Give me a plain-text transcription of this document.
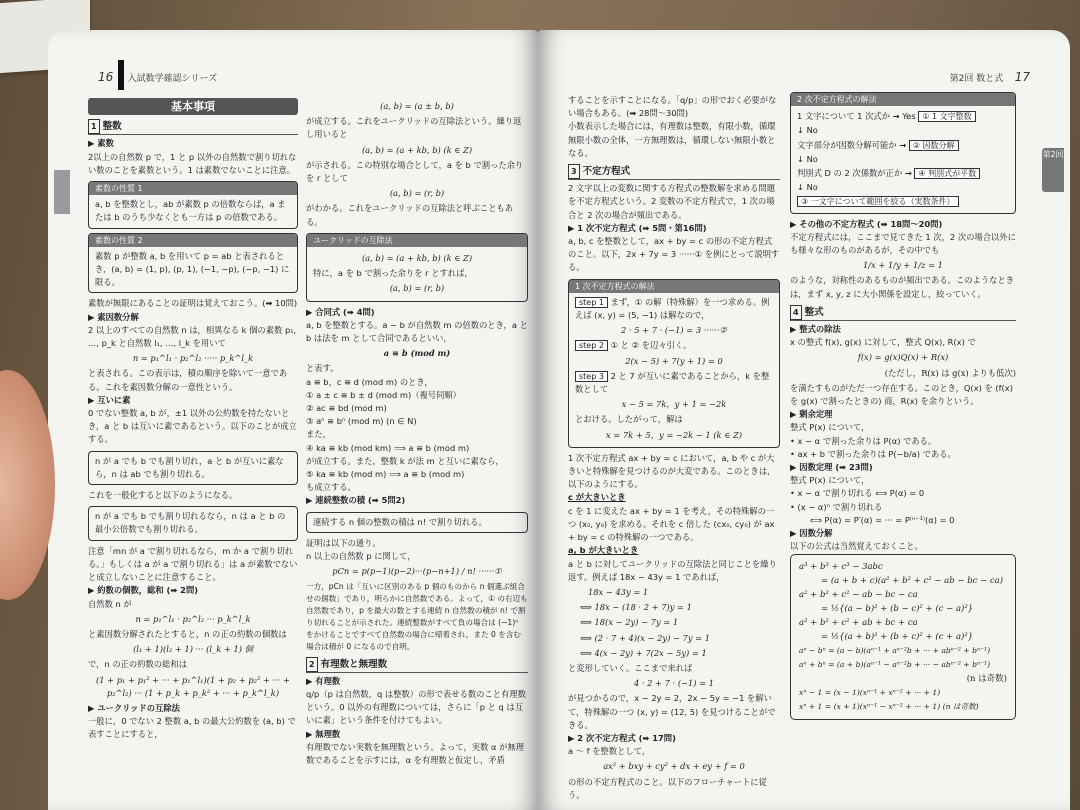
16 入試数学確認シリーズ
基本事項
1 整数

▶ 素数

2以上の自然数 p で，1 と p 以外の自然数で割り切れない数のことを素数という。1 は素数でないことに注意。

素数の性質 1
a, b を整数とし，ab が素数 p の倍数ならば，a または b のうち少なくとも一方は p の倍数である。
素数の性質 2
素数 p が整数 a, b を用いて p = ab と表されるとき，(a, b) = (1, p), (p, 1), (−1, −p), (−p, −1) に限る。

素数が無限にあることの証明は覚えておこう。(➡ 10問)

▶ 素因数分解

2 以上のすべての自然数 n は，相異なる k 個の素数 p₁, …, p_k と自然数 l₁, …, l_k を用いて

n = p₁^l₁ · p₂^l₂ ····· p_k^l_k

と表される。この表示は，積の順序を除いて一意である。これを素因数分解の一意性という。

▶ 互いに素

0 でない整数 a, b が，±1 以外の公約数を持たないとき，a と b は互いに素であるという。以下のことが成立する。

n が a でも b でも割り切れ，a と b が互いに素なら，n は ab でも割り切れる。

これを一般化すると以下のようになる。

n が a でも b でも割り切れるなら，n は a と b の最小公倍数でも割り切れる。

注意「mn が a で割り切れるなら，m か a で割り切れる。」もしくは a が a で割り切れる」は a が素数でないと成立しないことに注意すること。

▶ 約数の個数，総和 (➡ 2問)

自然数 n が

n = p₁^l₁ · p₂^l₂ ··· p_k^l_k

と素因数分解されたとすると，n の正の約数の個数は

(l₁ + 1)(l₂ + 1) ··· (l_k + 1) 個

で，n の正の約数の総和は

(1 + p₁ + p₁² + ··· + p₁^l₁)(1 + p₂ + p₂² + ··· + p₂^l₂) ··· (1 + p_k + p_k² + ··· + p_k^l_k)

▶ ユークリッドの互除法

一般に，0 でない 2 整数 a, b の最大公約数を (a, b) で表すことにすると，

(a, b) = (a ± b, b)

が成立する。これをユークリッドの互除法という。繰り返し用いると

(a, b) = (a + kb, b) (k ∈ Z)

が示される。この特別な場合として，a を b で割った余りを r として

(a, b) = (r, b)

がわかる。これをユークリッドの互除法と呼ぶこともある。

ユークリッドの互除法
(a, b) = (a + kb, b) (k ∈ Z)

特に，a を b で割った余りを r とすれば，

(a, b) = (r, b)

▶ 合同式 (➡ 4問)

a, b を整数とする。a − b が自然数 m の倍数のとき，a と b は法を m として合同であるといい，

a ≡ b (mod m)

と表す。

a ≡ b，c ≡ d (mod m) のとき，

① a ± c ≡ b ± d (mod m)（複号同順）

② ac ≡ bd (mod m)

③ aⁿ ≡ bⁿ (mod m) (n ∈ N)

また，

④ ka ≡ kb (mod km) ⟹ a ≡ b (mod m)

が成立する。また，整数 k が法 m と互いに素なら，

⑤ ka ≡ kb (mod m) ⟹ a ≡ b (mod m)

も成立する。

▶ 連続整数の積 (➡ 5問2)

連続する n 個の整数の積は n! で割り切れる。

証明は以下の通り。

n 以上の自然数 p に関して，

pCn = p(p−1)(p−2)···(p−n+1) / n! ······①

一方，pCn は「互いに区別のある p 個のものから n 個選ぶ組合せの個数」であり，明らかに自然数である。よって，① の右辺も自然数であり，p を最大の数とする連続 n 自然数の積が n! で割り切れることが示された。連続整数がすべて負の場合は (−1)ⁿ をかけることですべて自然数の場合に帰着され，また 0 を含む場合は積が 0 になるので自明。

2 有理数と無理数

▶ 有理数

q/p（p は自然数，q は整数）の形で表せる数のこと有理数という。0 以外の有理数については，さらに「p と q は互いに素」という条件を付けてもよい。

▶ 無理数

有理数でない実数を無理数という。よって，実数 α が無理数であることを示すには，α を有理数と仮定し，矛盾

第2回 数と式 17
第2回

することを示すことになる。「q/p」の形でおく必要がない場合もある。(➡ 28問〜30問)

小数表示した場合には，有理数は整数，有限小数，循環無限小数の全体，一方無理数は，循環しない無限小数となる。

3 不定方程式

2 文字以上の変数に関する方程式の整数解を求める問題を不定方程式という。2 変数の不定方程式で，1 次の場合と 2 次の場合が頻出である。

▶ 1 次不定方程式 (➡ 5問・第16問)

a, b, c を整数として，ax + by = c の形の不定方程式のこと。以下，2x + 7y = 3 ······① を例にとって説明する。

1 次不定方程式の解法

step 1 まず，① の解（特殊解）を一つ求める。例えば (x, y) = (5, −1) は解なので，

2 · 5 + 7 · (−1) = 3 ······②

step 2 ① と ② を辺々引く。

2(x − 5) + 7(y + 1) = 0

step 3 2 と 7 が互いに素であることから，k を整数として

x − 5 = 7k，y + 1 = −2k

とおける。したがって，解は

x = 7k + 5，y = −2k − 1 (k ∈ Z)

1 次不定方程式 ax + by = c において，a, b や c が大きいと特殊解を見つけるのが大変である。このときは，以下のようにする。

c が大きいとき

c を 1 に変えた ax + by = 1 を考え，その特殊解の一つ (x₀, y₀) を求める。それを c 倍した (cx₀, cy₀) が ax + by = c の特殊解の一つである。

a, b が大きいとき

a と b に対してユークリッドの互除法と同じことを繰り返す。例えば 18x − 43y = 1 であれば，

18x − 43y = 1
⟺ 18x − (18 · 2 + 7)y = 1
⟺ 18(x − 2y) − 7y = 1
⟺ (2 · 7 + 4)(x − 2y) − 7y = 1
⟺ 4(x − 2y) + 7(2x − 5y) = 1

と変形していく。ここまで来れば

4 · 2 + 7 · (−1) = 1

が見つかるので，x − 2y = 2，2x − 5y = −1 を解いて，特殊解の一つ (x, y) = (12, 5) を見つけることができる。

▶ 2 次不定方程式 (➡ 17問)

a 〜 f を整数として，

ax² + bxy + cy² + dx + ey + f = 0

の形の不定方程式のこと。以下のフローチャートに従う。

2 次不定方程式の解法
1 文字について 1 次式か → Yes ① 1 文字整数
↓ No
文字部分が因数分解可能か → ② 因数分解
↓ No
判別式 D の 2 次係数が正か → ④ 判別式が平数
↓ No
③ 一文字について範囲を絞る（実数条件）

▶ その他の不定方程式 (➡ 18問〜20問)

不定方程式には，ここまで見てきた 1 次，2 次の場合以外にも様々な形のものがあるが，その中でも

1/x + 1/y + 1/z = 1

のような，対称性のあるものが頻出である。このようなときは，まず x, y, z に大小関係を設定し，絞っていく。

4 整式

▶ 整式の除法

x の整式 f(x), g(x) に対して，整式 Q(x), R(x) で

f(x) = g(x)Q(x) + R(x)
(ただし，R(x) は g(x) よりも低次)

を満たすものがただ一つ存在する。このとき，Q(x) を (f(x) を g(x) で割ったときの) 商，R(x) を余りという。

▶ 剰余定理

整式 P(x) について，

• x − α で割った余りは P(α) である。

• ax + b で割った余りは P(−b/a) である。

▶ 因数定理 (➡ 23問)

整式 P(x) について，

• x − α で割り切れる ⟺ P(α) = 0

• (x − α)ⁿ で割り切れる

⟺ P(α) = P′(α) = ··· = P⁽ⁿ⁻¹⁾(α) = 0

▶ 因数分解

以下の公式は当然覚えておくこと。

a³ + b³ + c³ − 3abc
= (a + b + c)(a² + b² + c² − ab − bc − ca)
a² + b² + c² − ab − bc − ca
= ½{(a − b)² + (b − c)² + (c − a)²}
a² + b² + c² + ab + bc + ca
= ½{(a + b)² + (b + c)² + (c + a)²}
aⁿ − bⁿ = (a − b)(aⁿ⁻¹ + aⁿ⁻²b + ··· + abⁿ⁻² + bⁿ⁻¹)
aⁿ + bⁿ = (a + b)(aⁿ⁻¹ − aⁿ⁻²b + ··· − abⁿ⁻² + bⁿ⁻¹)
(n は奇数)
xⁿ − 1 = (x − 1)(xⁿ⁻¹ + xⁿ⁻² + ··· + 1)
xⁿ + 1 = (x + 1)(xⁿ⁻¹ − xⁿ⁻² + ··· + 1) (n は奇数)
